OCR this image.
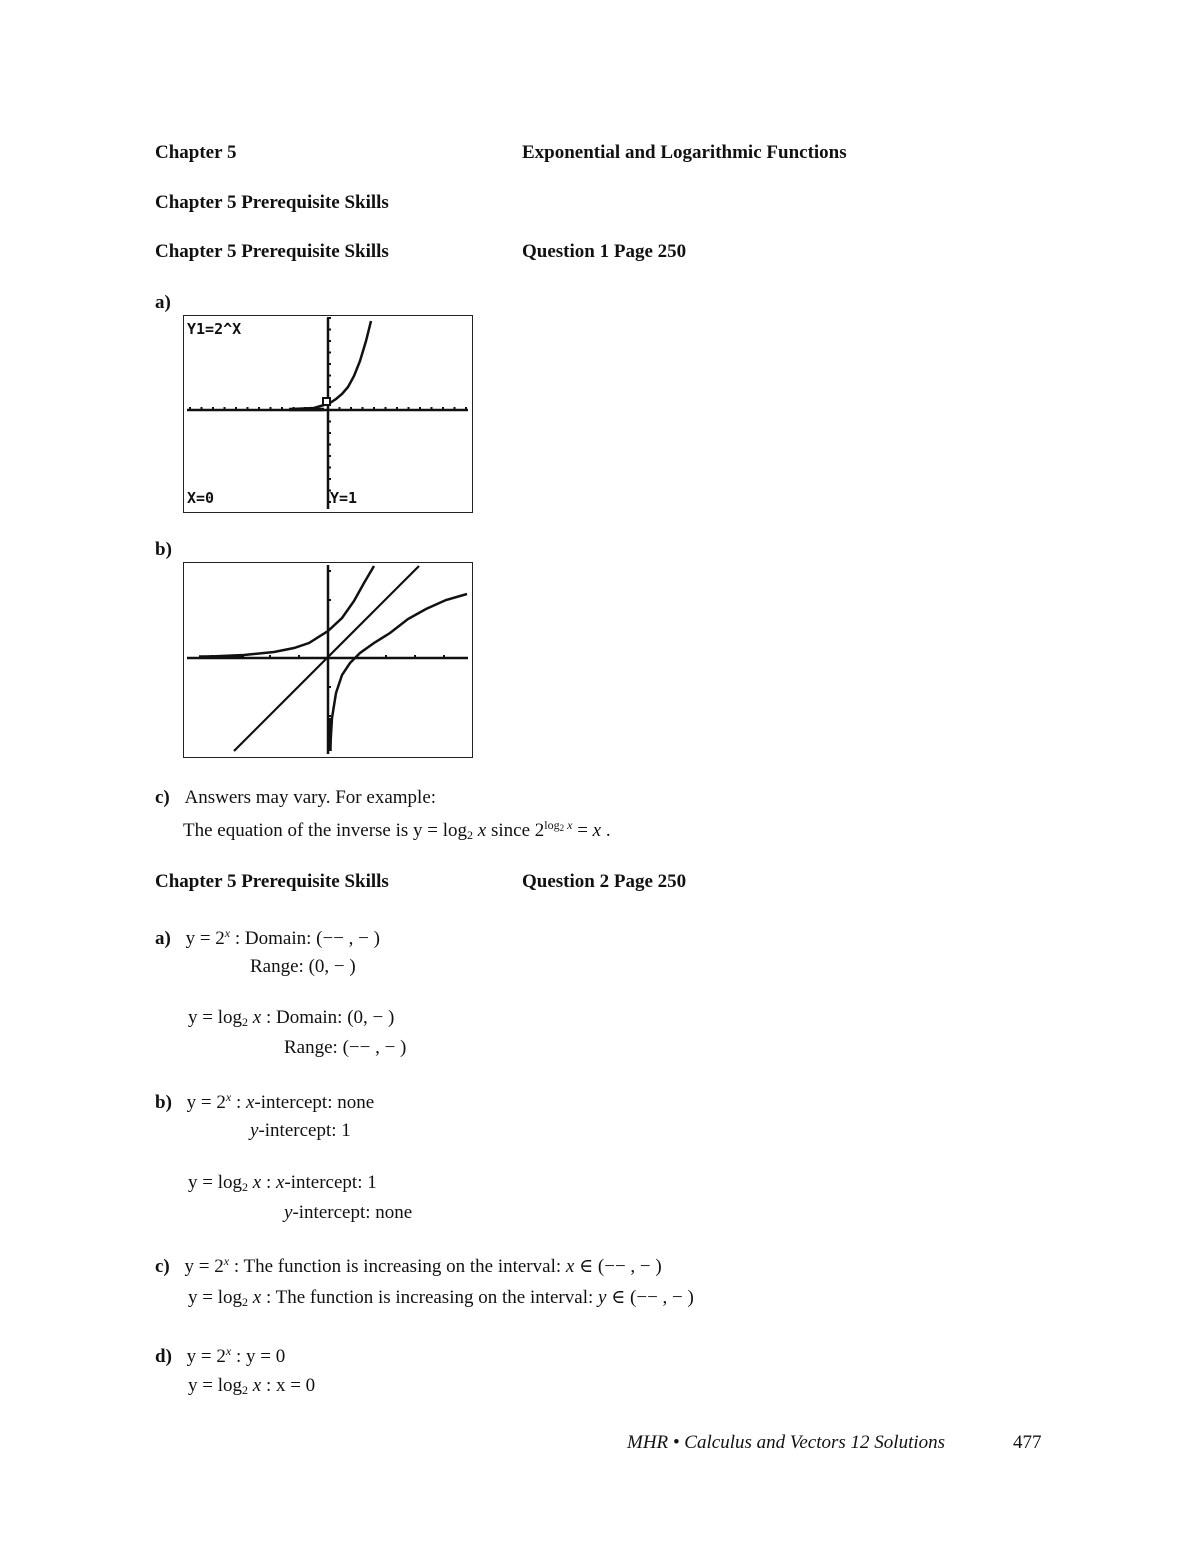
Chapter 5	Exponential and Logarithmic Functions
Chapter 5 Prerequisite Skills
Chapter 5 Prerequisite Skills	Question 1 Page 250
a)
Y1=2^X
X=0	Y=1
b)
c) Answers may vary. For example:
The equation of the inverse is $y = \log_2 x$ since $2^{log_2 x} = x$ .
Chapter 5 Prerequisite Skills	Question 2 Page 250
a) $y = 2^x$ : Domain: (−− , − )
Range: (0, − )
$y = \log_2 x$ : Domain: (0, − )
Range: (−− , − )
b) $y = 2^x$ : x-intercept: none
y-intercept: 1
$y = \log_2 x$ : x-intercept: 1
y-intercept: none
c) $y = 2^x$ : The function is increasing on the interval: x ∈ (−− , − )
$y = \log_2 x$ : The function is increasing on the interval: y ∈ (−− , − )
d) $y = 2^x$ : y = 0
$y = \log_2 x$ : x = 0
MHR • Calculus and Vectors 12 Solutions	477
